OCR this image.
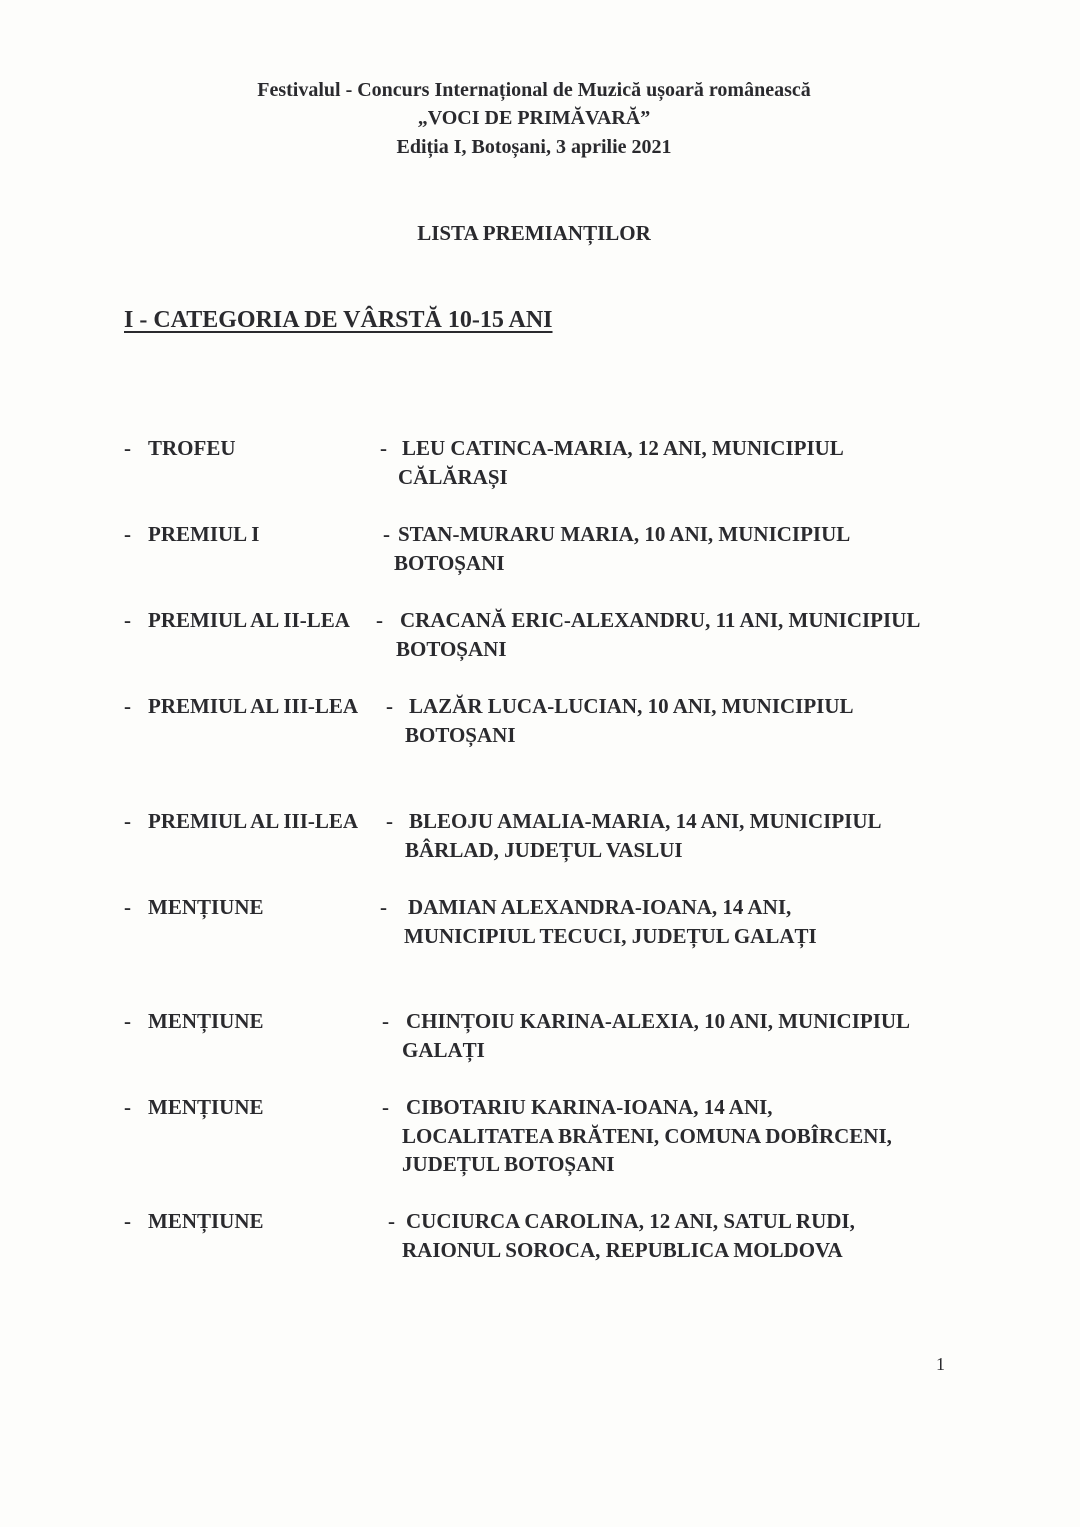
Festivalul - Concurs Internațional de Muzică ușoară românească
„VOCI DE PRIMĂVARĂ”
Ediția I, Botoșani, 3 aprilie 2021
LISTA PREMIANȚILOR
I - CATEGORIA DE VÂRSTĂ 10-15 ANI
- TROFEU	- LEU CATINCA-MARIA, 12 ANI, MUNICIPIUL
CĂLĂRAȘI
- PREMIUL I	- STAN-MURARU MARIA, 10 ANI, MUNICIPIUL
BOTOȘANI
- PREMIUL AL II-LEA - CRACANĂ ERIC-ALEXANDRU, 11 ANI, MUNICIPIUL
BOTOȘANI
- PREMIUL AL III-LEA - LAZĂR LUCA-LUCIAN, 10 ANI, MUNICIPIUL
BOTOȘANI
- PREMIUL AL III-LEA - BLEOJU AMALIA-MARIA, 14 ANI, MUNICIPIUL
BÂRLAD, JUDEȚUL VASLUI
- MENȚIUNE	- DAMIAN ALEXANDRA-IOANA, 14 ANI,
MUNICIPIUL TECUCI, JUDEȚUL GALAȚI
- MENȚIUNE	- CHINȚOIU KARINA-ALEXIA, 10 ANI, MUNICIPIUL
GALAȚI
- MENȚIUNE	- CIBOTARIU KARINA-IOANA, 14 ANI,
LOCALITATEA BRĂTENI, COMUNA DOBÎRCENI,
JUDEȚUL BOTOȘANI
- MENȚIUNE	- CUCIURCA CAROLINA, 12 ANI, SATUL RUDI,
RAIONUL SOROCA, REPUBLICA MOLDOVA
1
